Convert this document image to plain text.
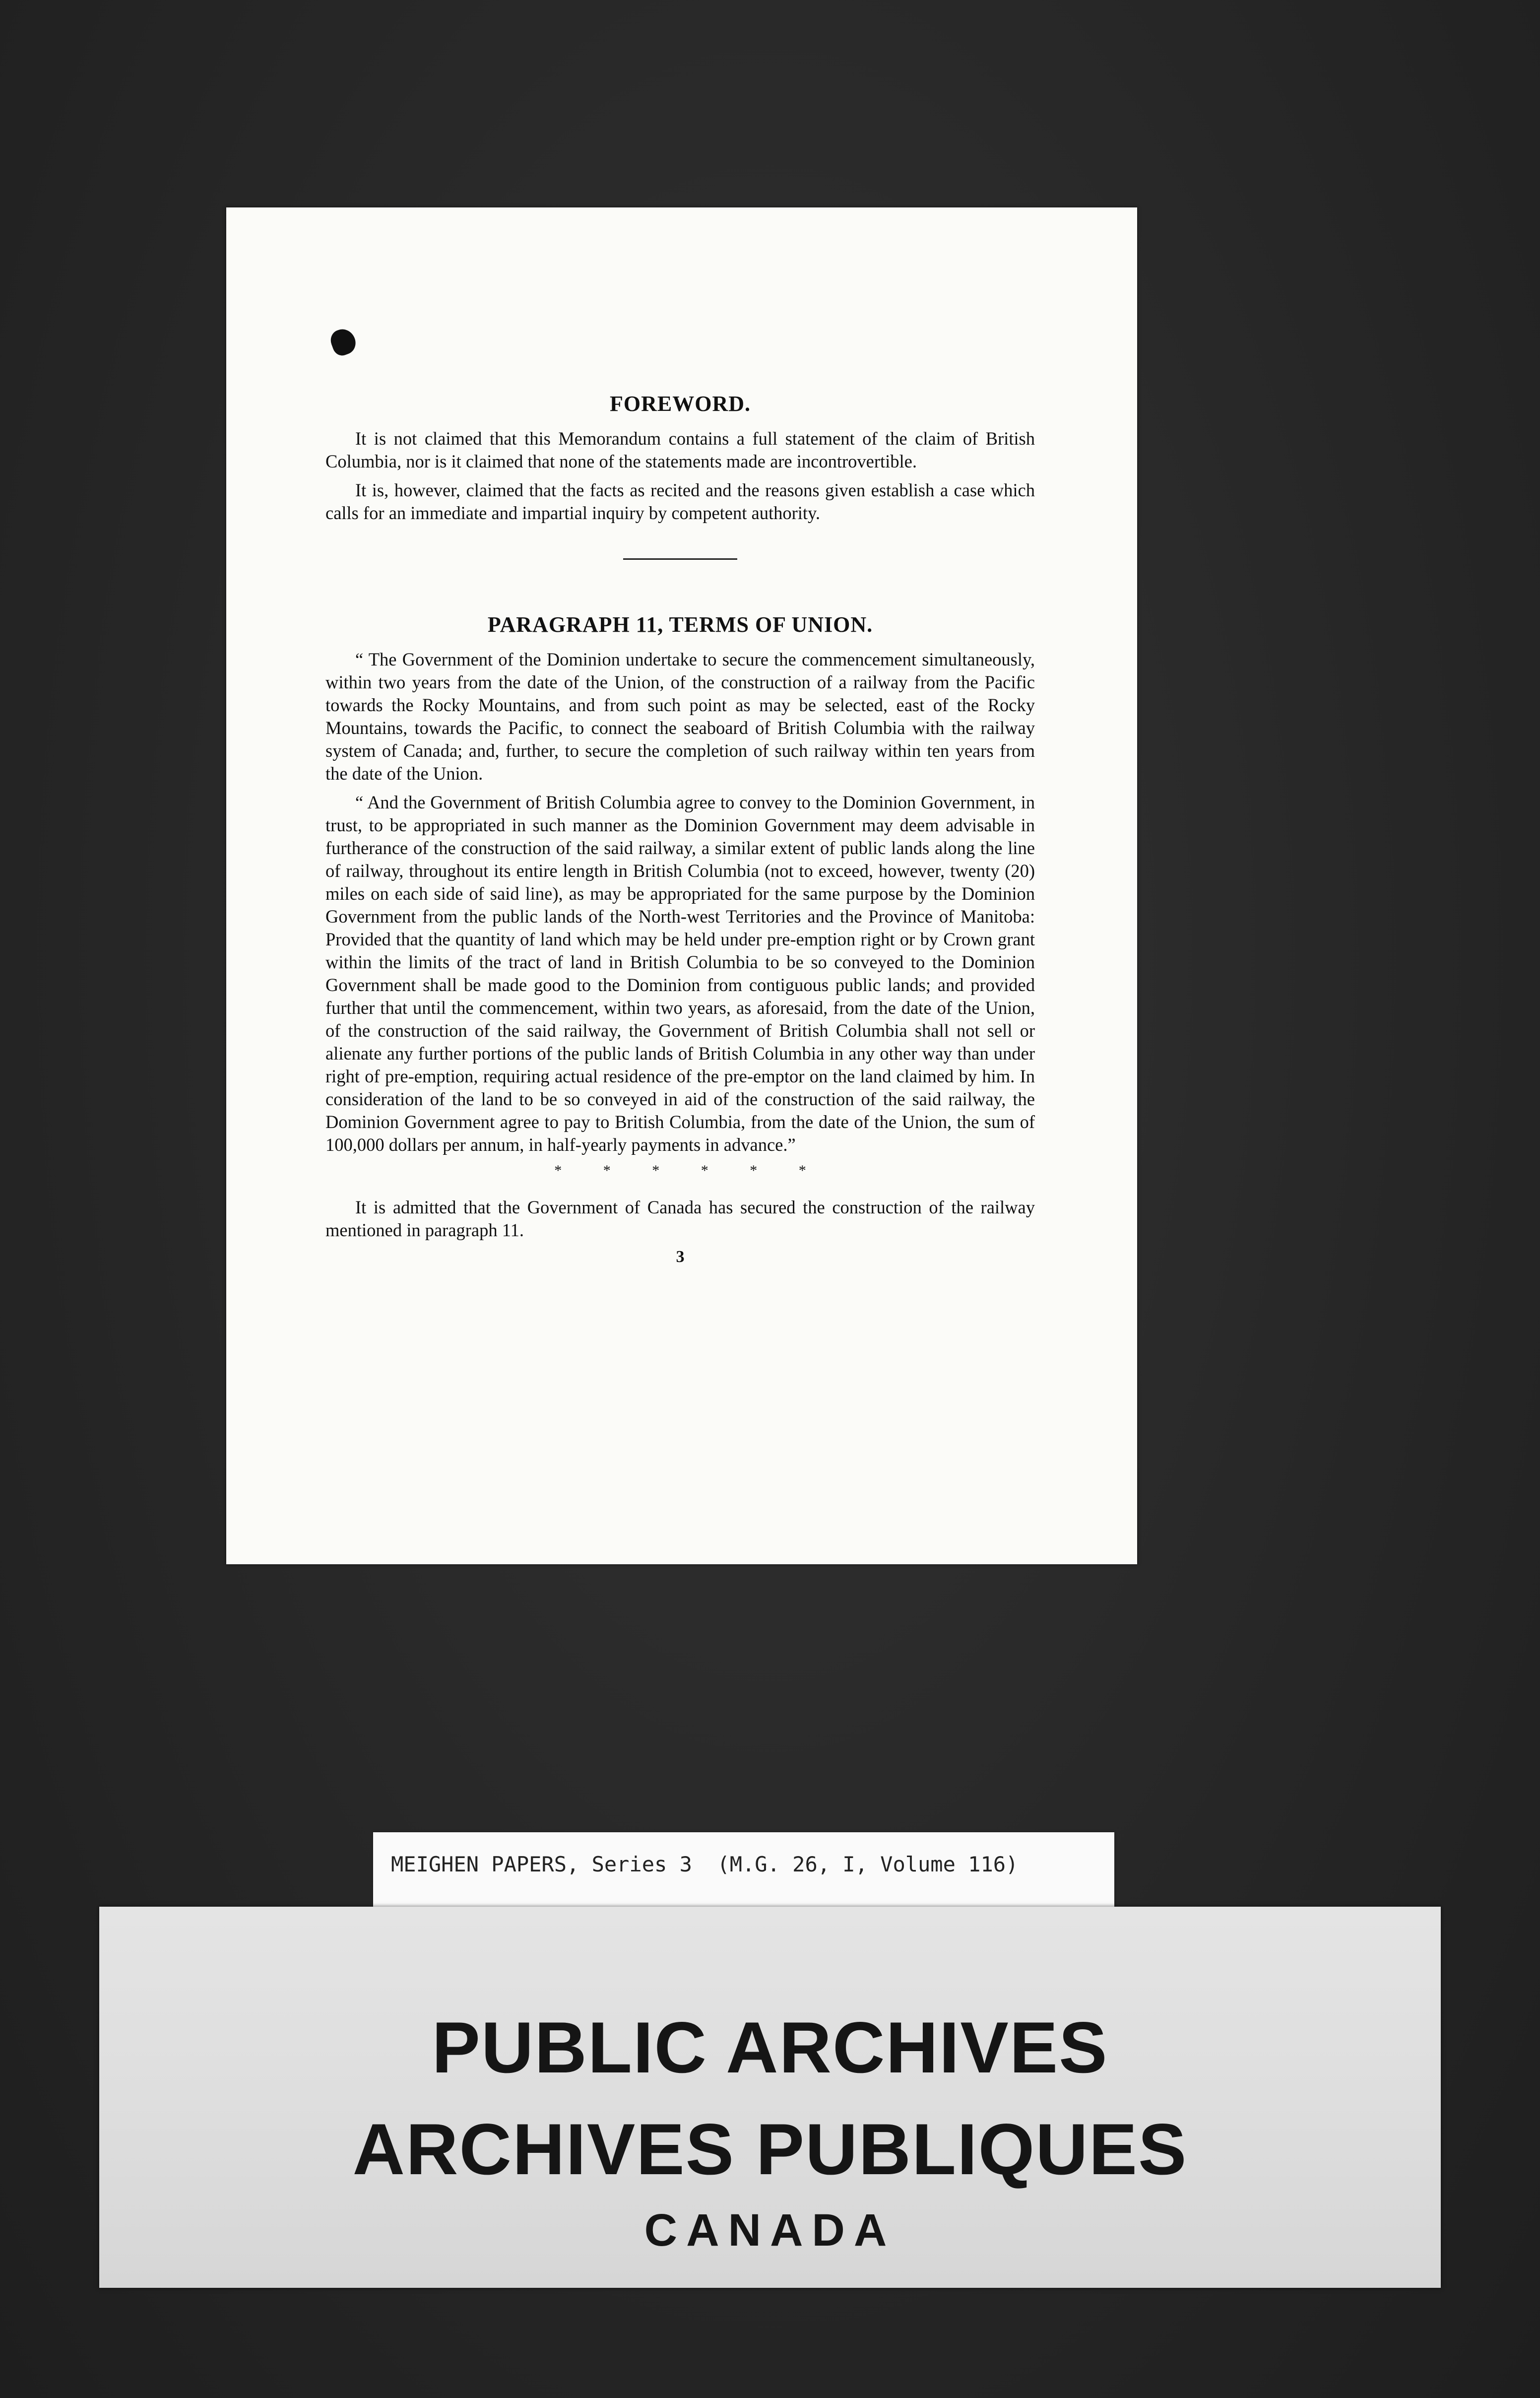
FOREWORD.

It is not claimed that this Memorandum contains a full statement of the claim of British Columbia, nor is it claimed that none of the statements made are incontrovertible.

It is, however, claimed that the facts as recited and the reasons given establish a case which calls for an immediate and impartial inquiry by competent authority.

PARAGRAPH 11, TERMS OF UNION.

“ The Government of the Dominion undertake to secure the commencement simultaneously, within two years from the date of the Union, of the construction of a railway from the Pacific towards the Rocky Mountains, and from such point as may be selected, east of the Rocky Mountains, towards the Pacific, to connect the seaboard of British Columbia with the railway system of Canada; and, further, to secure the completion of such railway within ten years from the date of the Union.

“ And the Government of British Columbia agree to convey to the Dominion Government, in trust, to be appropriated in such manner as the Dominion Government may deem advisable in furtherance of the construction of the said railway, a similar extent of public lands along the line of railway, throughout its entire length in British Columbia (not to exceed, however, twenty (20) miles on each side of said line), as may be appropriated for the same purpose by the Dominion Government from the public lands of the North-west Territories and the Province of Manitoba: Provided that the quantity of land which may be held under pre-emption right or by Crown grant within the limits of the tract of land in British Columbia to be so conveyed to the Dominion Government shall be made good to the Dominion from contiguous public lands; and provided further that until the commencement, within two years, as aforesaid, from the date of the Union, of the construction of the said railway, the Government of British Columbia shall not sell or alienate any further portions of the public lands of British Columbia in any other way than under right of pre-emption, requiring actual residence of the pre-emptor on the land claimed by him. In consideration of the land to be so conveyed in aid of the construction of the said railway, the Dominion Government agree to pay to British Columbia, from the date of the Union, the sum of 100,000 dollars per annum, in half-yearly payments in advance.”

* * * * * *

It is admitted that the Government of Canada has secured the construction of the railway mentioned in paragraph 11.

3
MEIGHEN PAPERS, Series 3  (M.G. 26, I, Volume 116)
PUBLIC ARCHIVES
ARCHIVES PUBLIQUES
CANADA
